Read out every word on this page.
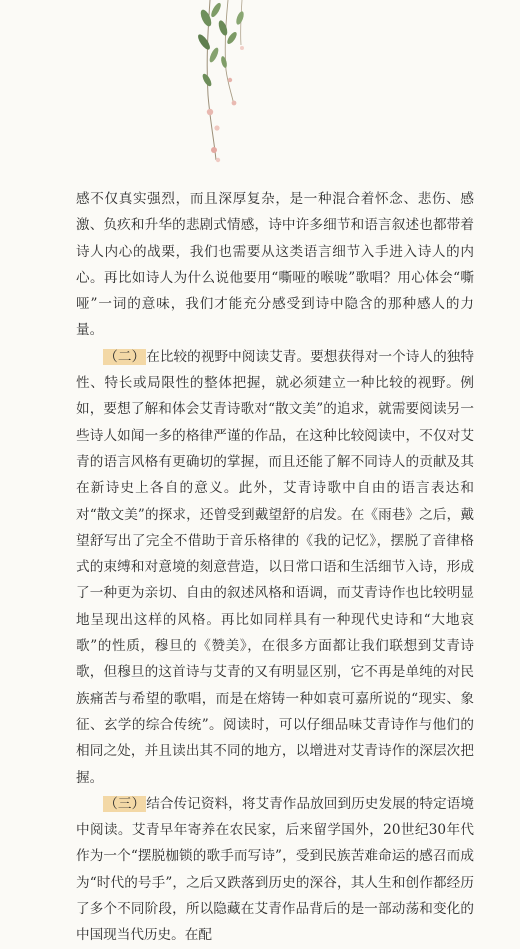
感不仅真实强烈，而且深厚复杂，是一种混合着怀念、悲伤、感激、负疚和升华的悲剧式情感，诗中许多细节和语言叙述也都带着诗人内心的战栗，我们也需要从这类语言细节入手进入诗人的内心。再比如诗人为什么说他要用“嘶哑的喉咙”歌唱？用心体会“嘶哑”一词的意味，我们才能充分感受到诗中隐含的那种感人的力量。

（二）在比较的视野中阅读艾青。要想获得对一个诗人的独特性、特长或局限性的整体把握，就必须建立一种比较的视野。例如，要想了解和体会艾青诗歌对“散文美”的追求，就需要阅读另一些诗人如闻一多的格律严谨的作品，在这种比较阅读中，不仅对艾青的语言风格有更确切的掌握，而且还能了解不同诗人的贡献及其在新诗史上各自的意义。此外，艾青诗歌中自由的语言表达和对“散文美”的探求，还曾受到戴望舒的启发。在《雨巷》之后，戴望舒写出了完全不借助于音乐格律的《我的记忆》，摆脱了音律格式的束缚和对意境的刻意营造，以日常口语和生活细节入诗，形成了一种更为亲切、自由的叙述风格和语调，而艾青诗作也比较明显地呈现出这样的风格。再比如同样具有一种现代史诗和“大地哀歌”的性质，穆旦的《赞美》，在很多方面都让我们联想到艾青诗歌，但穆旦的这首诗与艾青的又有明显区别，它不再是单纯的对民族痛苦与希望的歌唱，而是在熔铸一种如袁可嘉所说的“现实、象征、玄学的综合传统”。阅读时，可以仔细品味艾青诗作与他们的相同之处，并且读出其不同的地方，以增进对艾青诗作的深层次把握。

（三）结合传记资料，将艾青作品放回到历史发展的特定语境中阅读。艾青早年寄养在农民家，后来留学国外，20世纪30年代作为一个“摆脱枷锁的歌手而写诗”，受到民族苦难命运的感召而成为“时代的号手”，之后又跌落到历史的深谷，其人生和创作都经历了多个不同阶段，所以隐藏在艾青作品背后的是一部动荡和变化的中国现当代历史。在配
